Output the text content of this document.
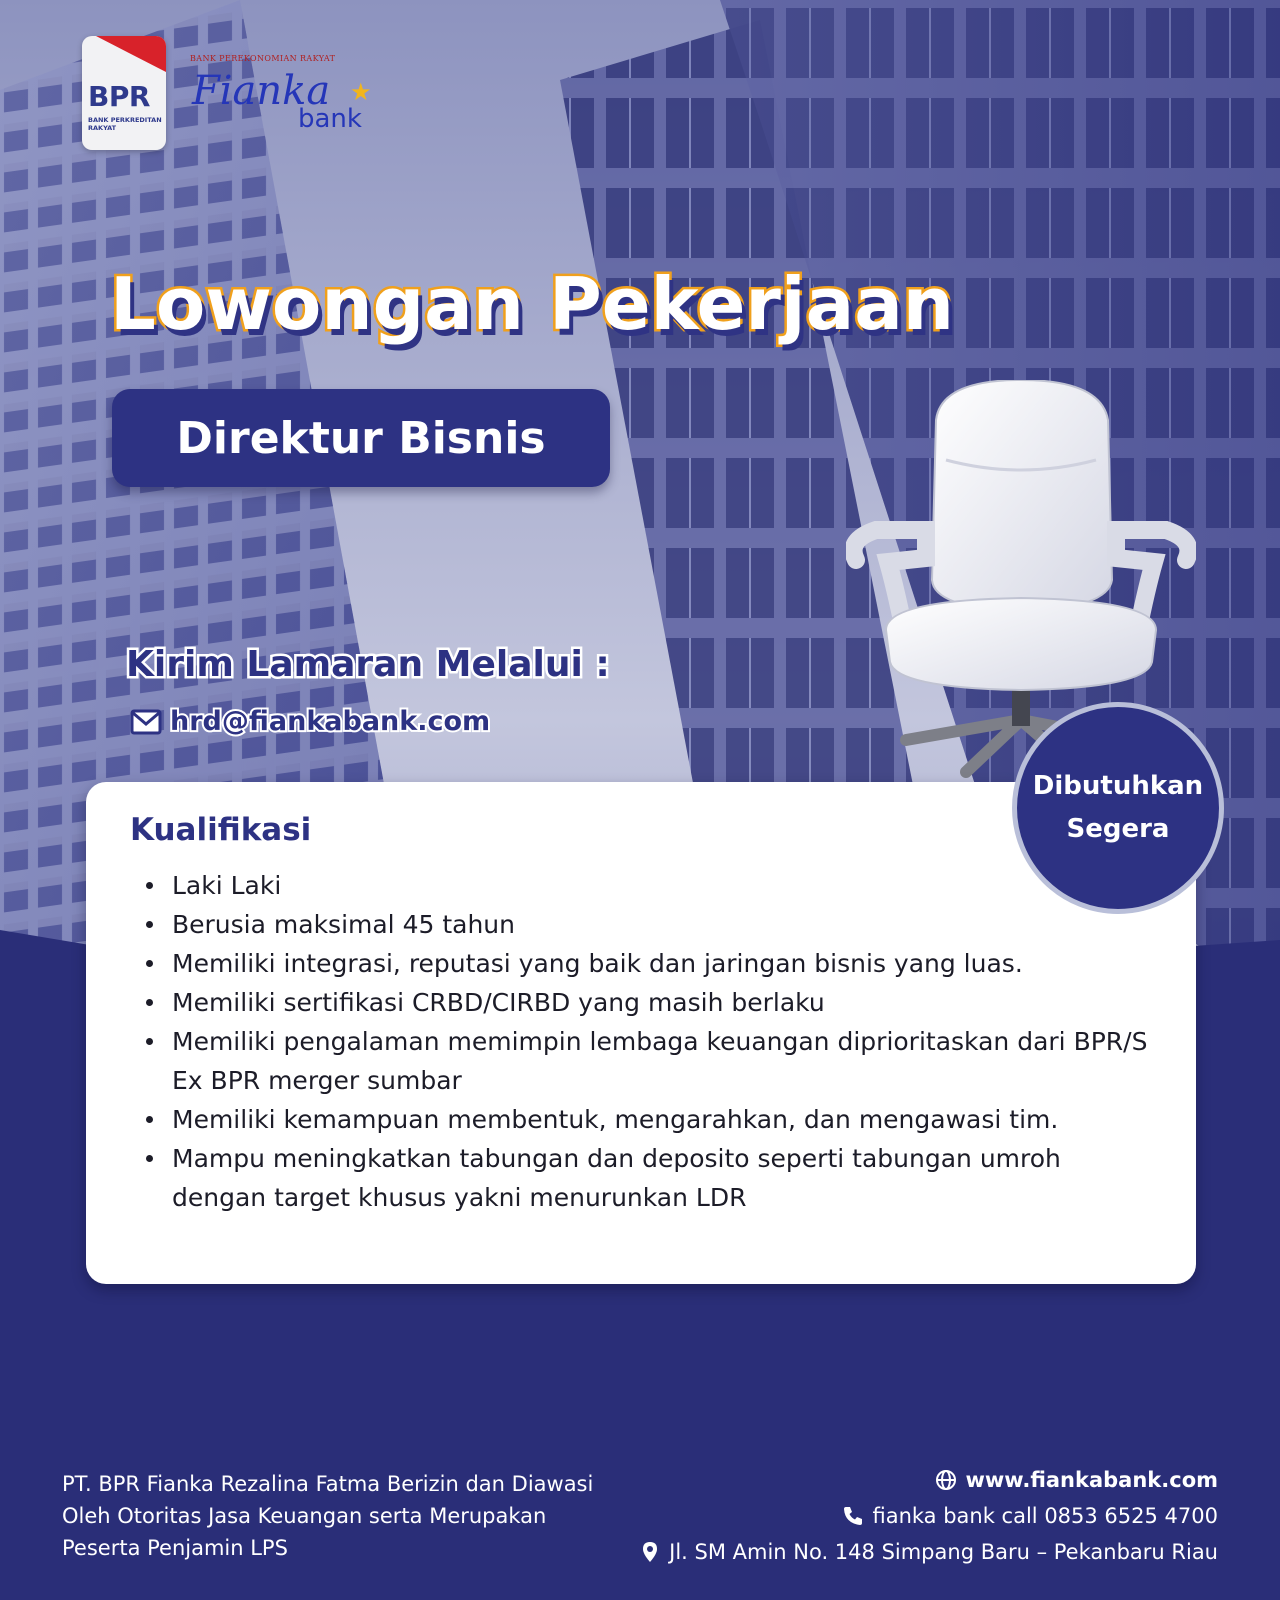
BPR
BANK PERKREDITAN RAKYAT
BANK PEREKONOMIAN RAKYAT
Fianka
bank
★
Lowongan Pekerjaan
Direktur Bisnis
Kirim Lamaran Melalui :
hrd@fiankabank.com
Kualifikasi
Laki Laki
Berusia maksimal 45 tahun
Memiliki integrasi, reputasi yang baik dan jaringan bisnis yang luas.
Memiliki sertifikasi CRBD/CIRBD yang masih berlaku
Memiliki pengalaman memimpin lembaga keuangan diprioritaskan dari BPR/S Ex BPR merger sumbar
Memiliki kemampuan membentuk, mengarahkan, dan mengawasi tim.
Mampu meningkatkan tabungan dan deposito seperti tabungan umroh dengan target khusus yakni menurunkan LDR
Dibutuhkan
Segera
PT. BPR Fianka Rezalina Fatma Berizin dan Diawasi
Oleh Otoritas Jasa Keuangan serta Merupakan
Peserta Penjamin LPS
www.fiankabank.com
fianka bank call 0853 6525 4700
Jl. SM Amin No. 148 Simpang Baru – Pekanbaru Riau
